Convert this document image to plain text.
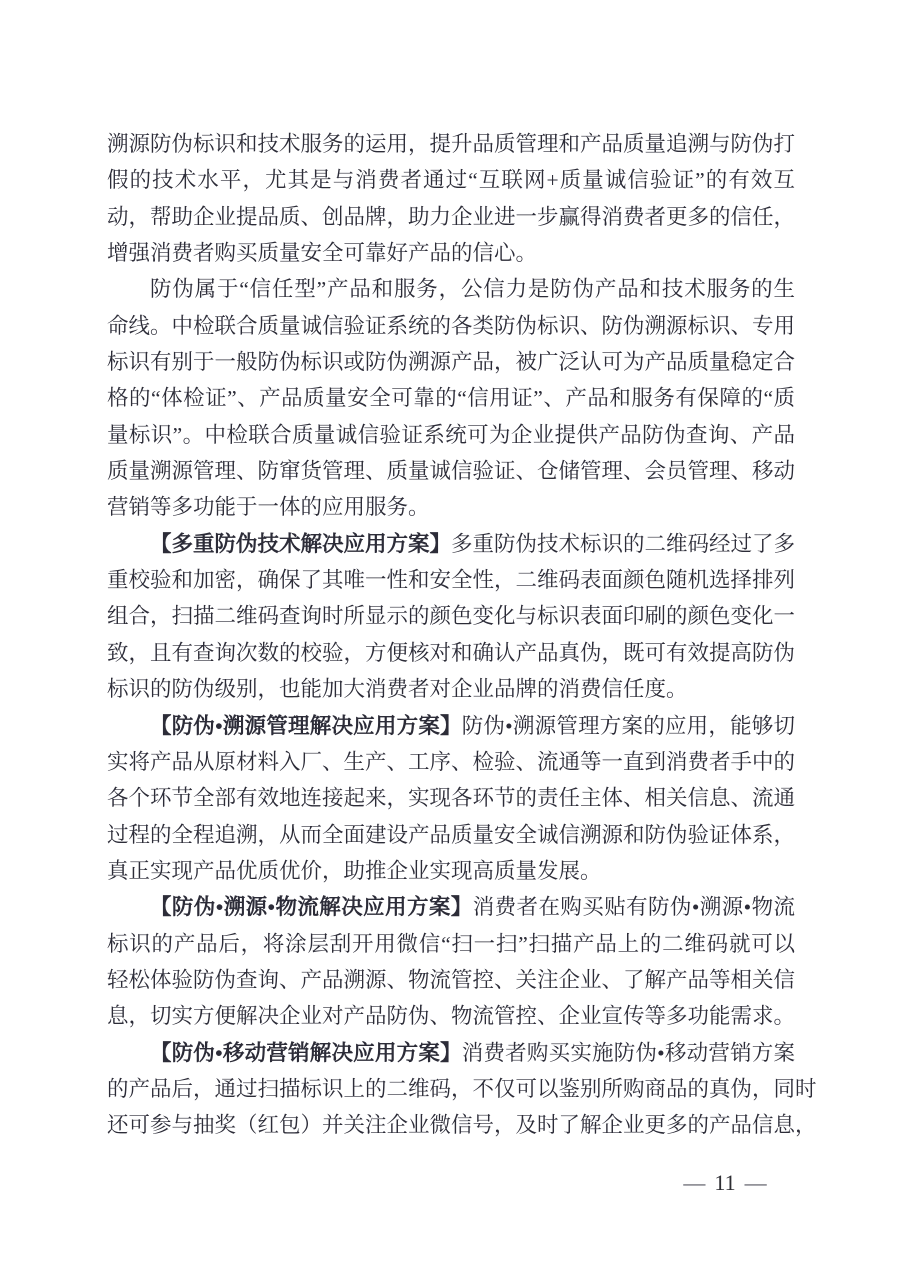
溯源防伪标识和技术服务的运用，提升品质管理和产品质量追溯与防伪打
假的技术水平，尤其是与消费者通过“互联网+质量诚信验证”的有效互
动，帮助企业提品质、创品牌，助力企业进一步赢得消费者更多的信任，
增强消费者购买质量安全可靠好产品的信心。
防伪属于“信任型”产品和服务，公信力是防伪产品和技术服务的生
命线。中检联合质量诚信验证系统的各类防伪标识、防伪溯源标识、专用
标识有别于一般防伪标识或防伪溯源产品，被广泛认可为产品质量稳定合
格的“体检证”、产品质量安全可靠的“信用证”、产品和服务有保障的“质
量标识”。中检联合质量诚信验证系统可为企业提供产品防伪查询、产品
质量溯源管理、防窜货管理、质量诚信验证、仓储管理、会员管理、移动
营销等多功能于一体的应用服务。
【多重防伪技术解决应用方案】多重防伪技术标识的二维码经过了多
重校验和加密，确保了其唯一性和安全性，二维码表面颜色随机选择排列
组合，扫描二维码查询时所显示的颜色变化与标识表面印刷的颜色变化一
致，且有查询次数的校验，方便核对和确认产品真伪，既可有效提高防伪
标识的防伪级别，也能加大消费者对企业品牌的消费信任度。
【防伪•溯源管理解决应用方案】防伪•溯源管理方案的应用，能够切
实将产品从原材料入厂、生产、工序、检验、流通等一直到消费者手中的
各个环节全部有效地连接起来，实现各环节的责任主体、相关信息、流通
过程的全程追溯，从而全面建设产品质量安全诚信溯源和防伪验证体系，
真正实现产品优质优价，助推企业实现高质量发展。
【防伪•溯源•物流解决应用方案】消费者在购买贴有防伪•溯源•物流
标识的产品后，将涂层刮开用微信“扫一扫”扫描产品上的二维码就可以
轻松体验防伪查询、产品溯源、物流管控、关注企业、了解产品等相关信
息，切实方便解决企业对产品防伪、物流管控、企业宣传等多功能需求。
【防伪•移动营销解决应用方案】消费者购买实施防伪•移动营销方案
的产品后，通过扫描标识上的二维码，不仅可以鉴别所购商品的真伪，同时
还可参与抽奖（红包）并关注企业微信号，及时了解企业更多的产品信息，
— 11 —
